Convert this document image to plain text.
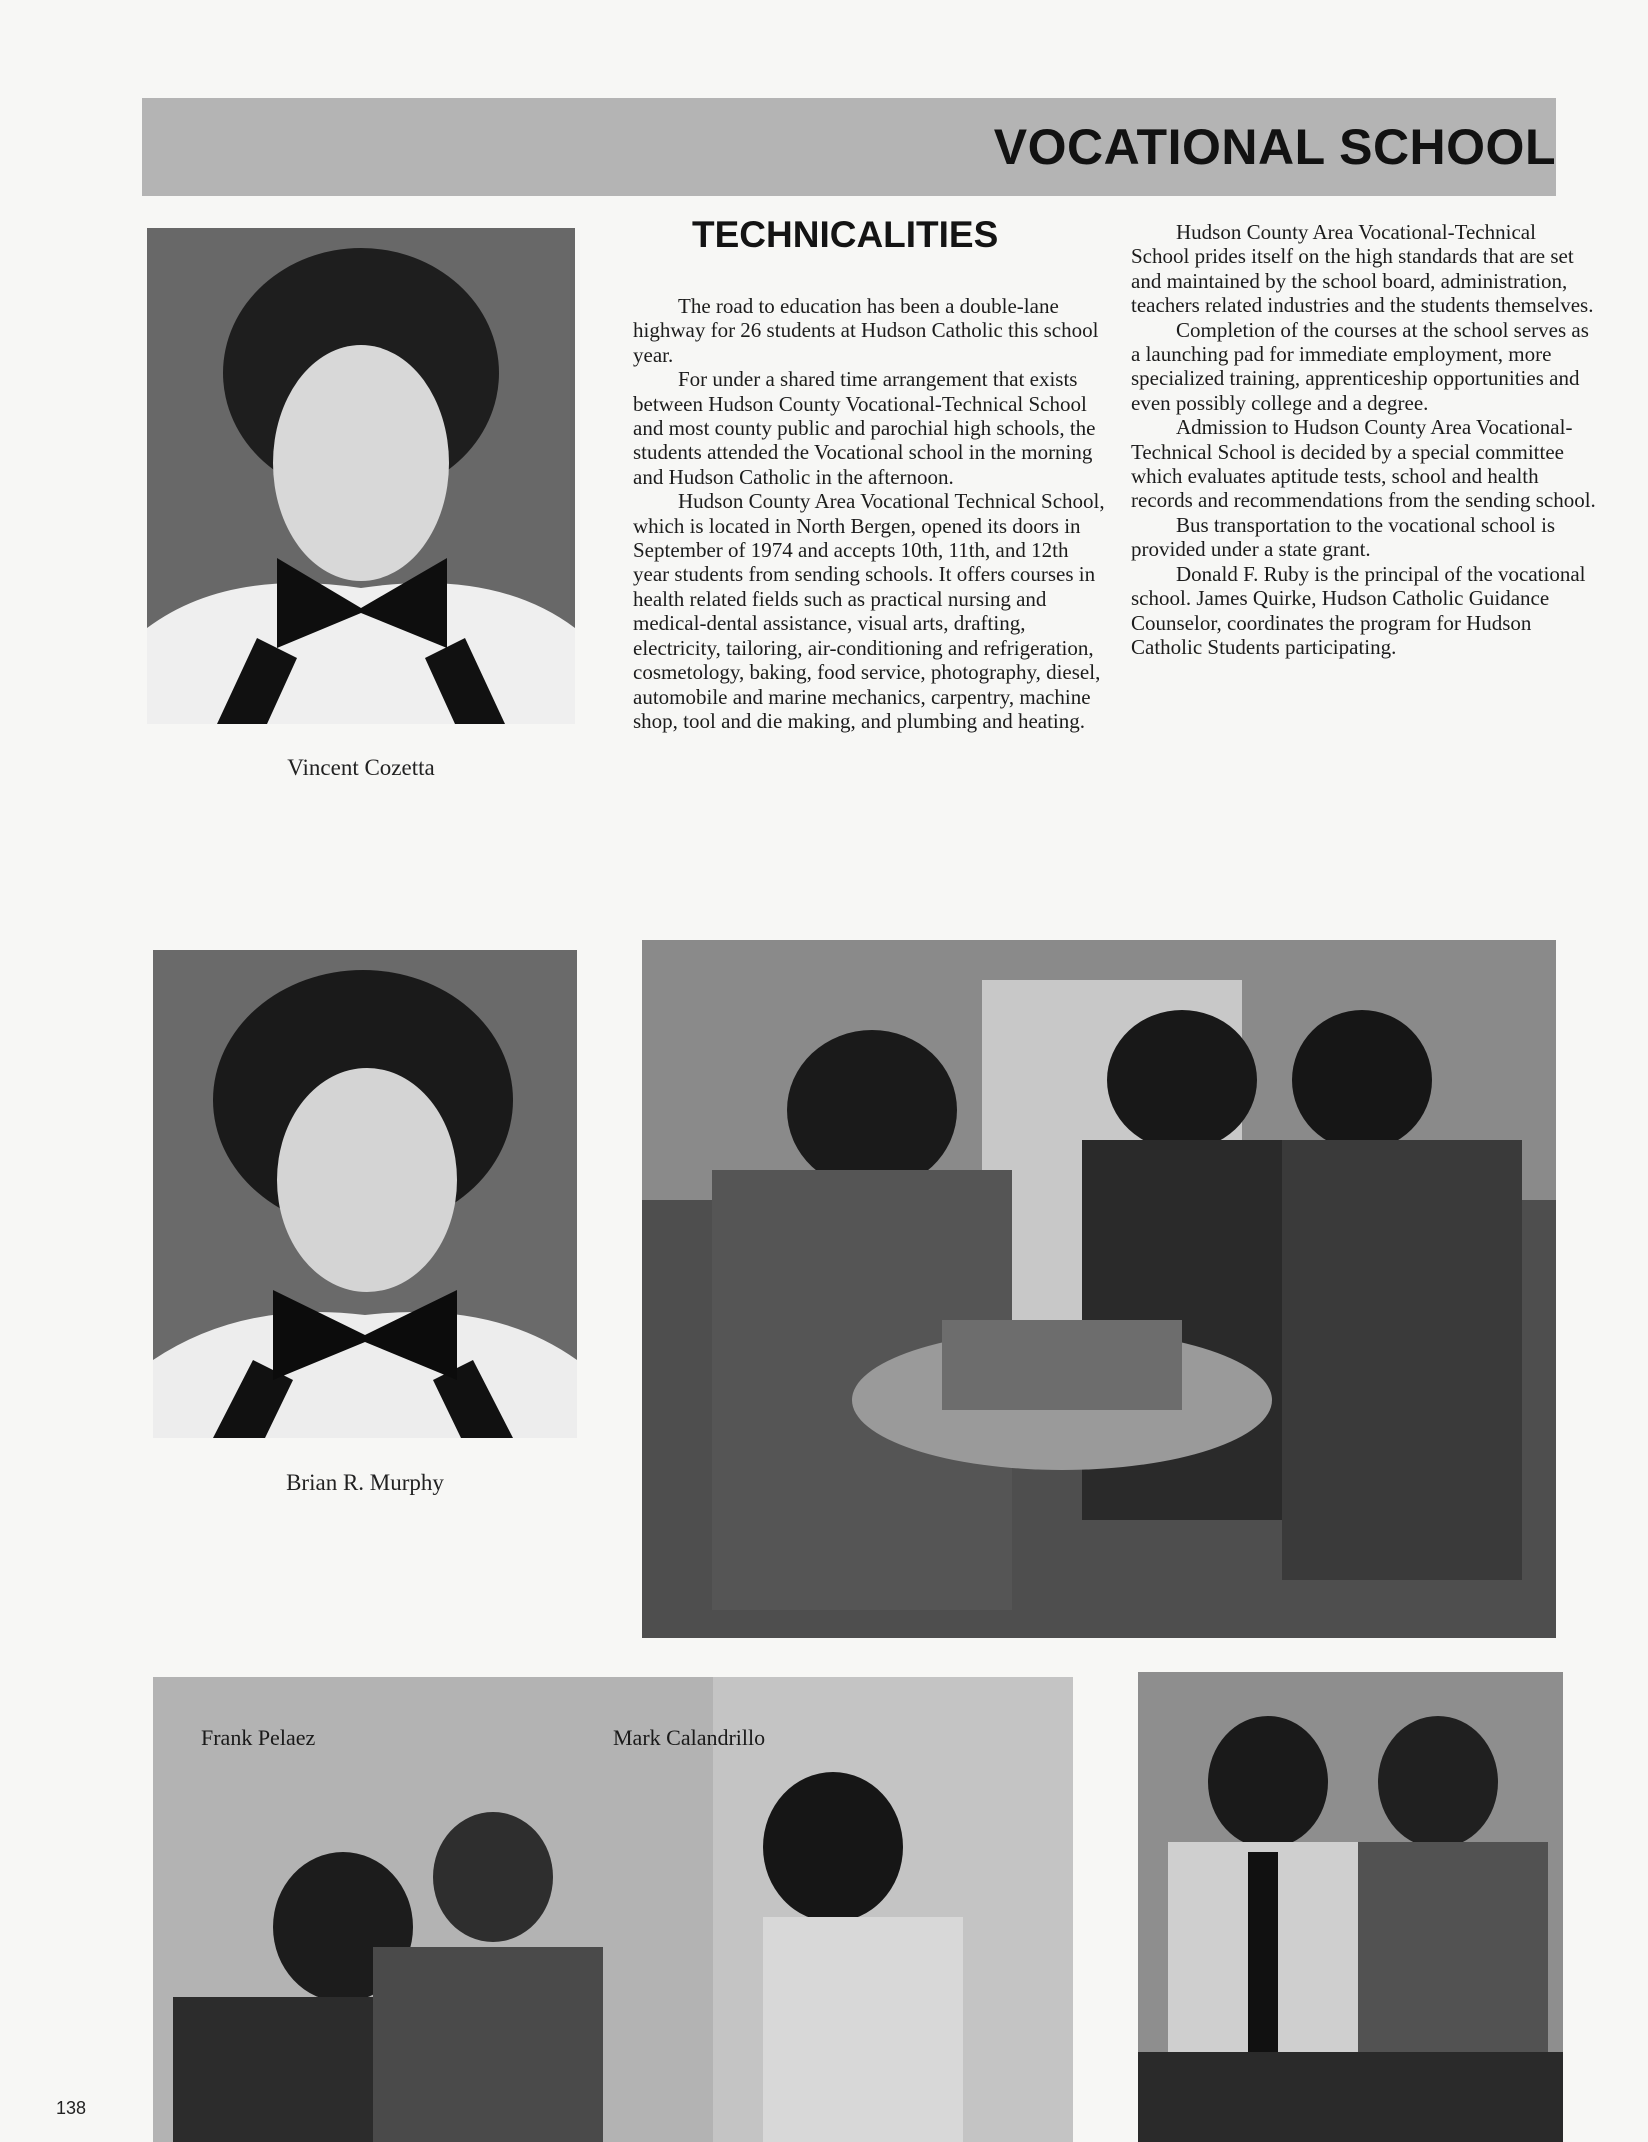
VOCATIONAL SCHOOL
Vincent Cozetta
TECHNICALITIES

The road to education has been a double-lane highway for 26 students at Hudson Catholic this school year.

For under a shared time arrangement that exists between Hudson County Vocational-Technical School and most county public and parochial high schools, the students attended the Vocational school in the morning and Hudson Catholic in the afternoon.

Hudson County Area Vocational Technical School, which is located in North Bergen, opened its doors in September of 1974 and accepts 10th, 11th, and 12th year students from sending schools. It offers courses in health related fields such as practical nursing and medical-dental assistance, visual arts, drafting, electricity, tailoring, air-conditioning and refrigeration, cosmetology, baking, food service, photography, diesel, automobile and marine mechanics, carpentry, machine shop, tool and die making, and plumbing and heating.

Hudson County Area Vocational-Technical School prides itself on the high standards that are set and maintained by the school board, administration, teachers related industries and the students themselves.

Completion of the courses at the school serves as a launching pad for immediate employment, more specialized training, apprenticeship opportunities and even possibly college and a degree.

Admission to Hudson County Area Vocational-Technical School is decided by a special committee which evaluates aptitude tests, school and health records and recommendations from the sending school.

Bus transportation to the vocational school is provided under a state grant.

Donald F. Ruby is the principal of the vocational school. James Quirke, Hudson Catholic Guidance Counselor, coordinates the program for Hudson Catholic Students participating.

Brian R. Murphy
Frank Pelaez	Mark Calandrillo
138
